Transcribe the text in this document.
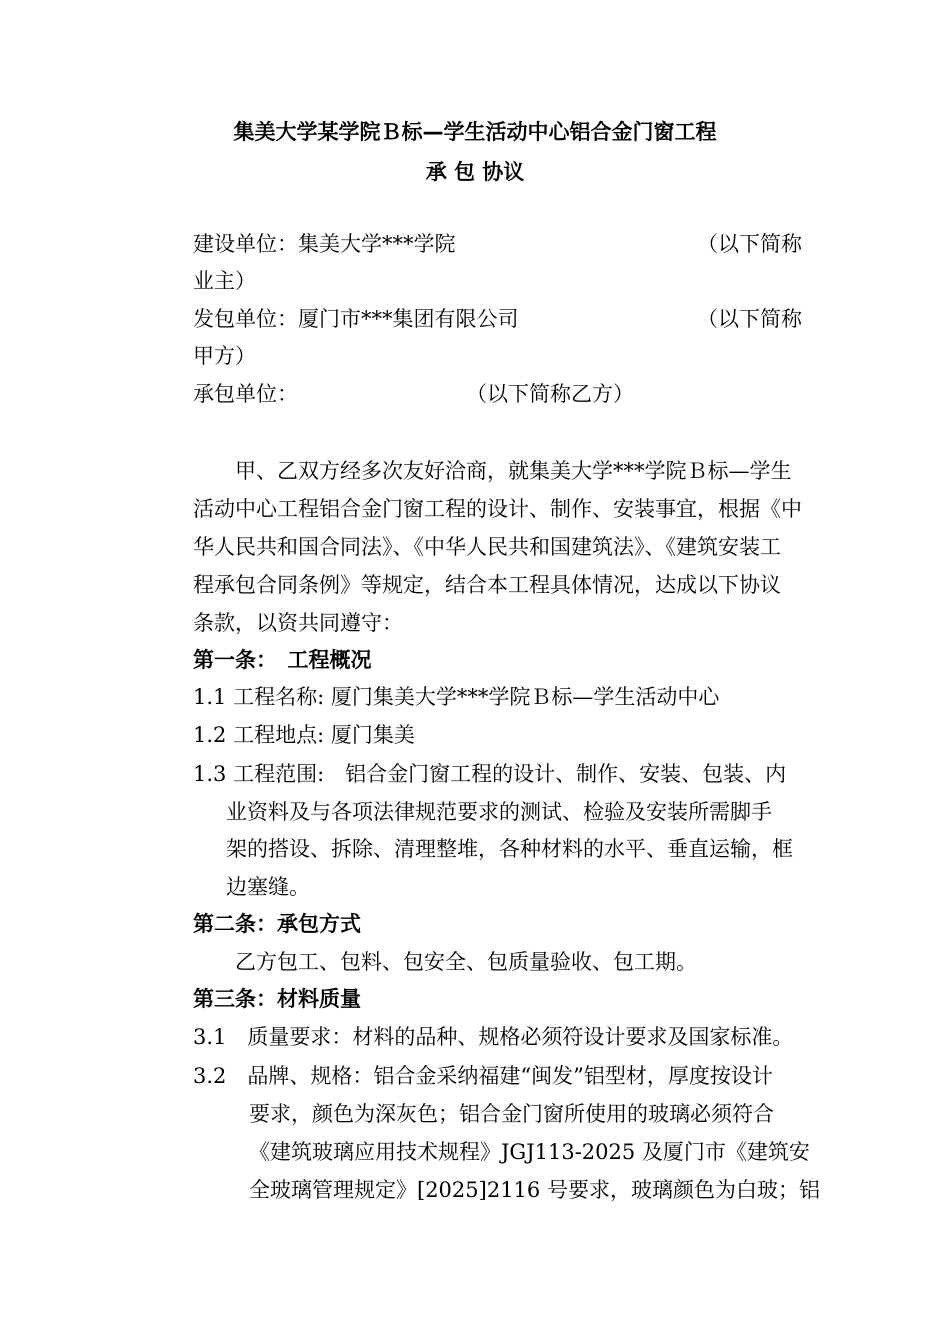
集美大学某学院Ｂ标—学生活动中心铝合金门窗工程
承 包 协议
建设单位：集美大学***学院	（以下简称
业主）
发包单位：厦门市***集团有限公司	（以下简称
甲方）
承包单位：	（以下简称乙方）
甲、乙双方经多次友好洽商，就集美大学***学院Ｂ标—学生
活动中心工程铝合金门窗工程的设计、制作、安装事宜，根据《中
华人民共和国合同法》、《中华人民共和国建筑法》、《建筑安装工
程承包合同条例》等规定，结合本工程具体情况，达成以下协议
条款，以资共同遵守：
第一条：　工程概况
1.1 工程名称: 厦门集美大学***学院Ｂ标—学生活动中心
1.2 工程地点: 厦门集美
1.3 工程范围:　铝合金门窗工程的设计、制作、安装、包装、内
业资料及与各项法律规范要求的测试、检验及安装所需脚手
架的搭设、拆除、清理整堆，各种材料的水平、垂直运输，框
边塞缝。
第二条：承包方式
乙方包工、包料、包安全、包质量验收、包工期。
第三条：材料质量
3.1　质量要求：材料的品种、规格必须符设计要求及国家标准。
3.2　品牌、规格：铝合金采纳福建“闽发”铝型材，厚度按设计
要求，颜色为深灰色；铝合金门窗所使用的玻璃必须符合
《建筑玻璃应用技术规程》JGJ113-2025 及厦门市《建筑安
全玻璃管理规定》[2025]2116 号要求，玻璃颜色为白玻；铝
